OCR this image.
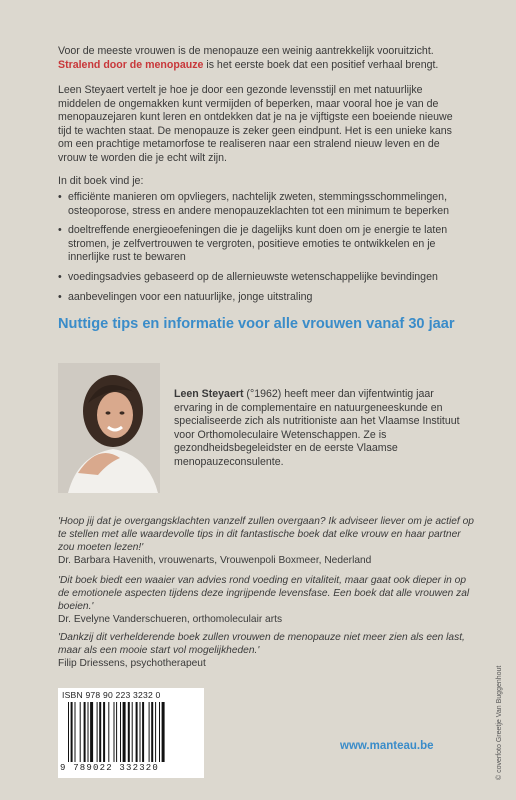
Voor de meeste vrouwen is de menopauze een weinig aantrekkelijk vooruitzicht.
Stralend door de menopauze is het eerste boek dat een positief verhaal brengt.

Leen Steyaert vertelt je hoe je door een gezonde levensstijl en met natuurlijke middelen de ongemakken kunt vermijden of beperken, maar vooral hoe je van de menopauzejaren kunt leren en ontdekken dat je na je vijftigste een boeiende nieuwe tijd te wachten staat. De menopauze is zeker geen eindpunt. Het is een unieke kans om een prachtige metamorfose te realiseren naar een stralend nieuw leven en de vrouw te worden die je echt wilt zijn.

In dit boek vind je:

• efficiënte manieren om opvliegers, nachtelijk zweten, stemmingsschommelingen, osteoporose, stress en andere menopauzeklachten tot een minimum te beperken
• doeltreffende energieoefeningen die je dagelijks kunt doen om je energie te laten stromen, je zelfvertrouwen te vergroten, positieve emoties te ontwikkelen en je innerlijke rust te bewaren
• voedingsadvies gebaseerd op de allernieuwste wetenschappelijke bevindingen
• aanbevelingen voor een natuurlijke, jonge uitstraling

Nuttige tips en informatie voor alle vrouwen vanaf 30 jaar

Leen Steyaert (°1962) heeft meer dan vijfentwintig jaar ervaring in de complementaire en natuurgeneeskunde en specialiseerde zich als nutritioniste aan het Vlaamse Instituut voor Orthomoleculaire Wetenschappen. Ze is gezondheidsbegeleidster en de eerste Vlaamse menopauzeconsulente.

'Hoop jij dat je overgangsklachten vanzelf zullen overgaan? Ik adviseer liever om je actief op te stellen met alle waardevolle tips in dit fantastische boek dat elke vrouw en haar partner zou moeten lezen!'

Dr. Barbara Havenith, vrouwenarts, Vrouwenpoli Boxmeer, Nederland

'Dit boek biedt een waaier van advies rond voeding en vitaliteit, maar gaat ook dieper in op de emotionele aspecten tijdens deze ingrijpende levensfase. Een boek dat alle vrouwen zal boeien.'

Dr. Evelyne Vanderschueren, orthomoleculair arts

'Dankzij dit verhelderende boek zullen vrouwen de menopauze niet meer zien als een last, maar als een mooie start vol mogelijkheden.'

Filip Driessens, psychotherapeut

ISBN 978 90 223 3232 0
9 789022 332320
www.manteau.be	© coverfoto Greetje Van Buggenhout
